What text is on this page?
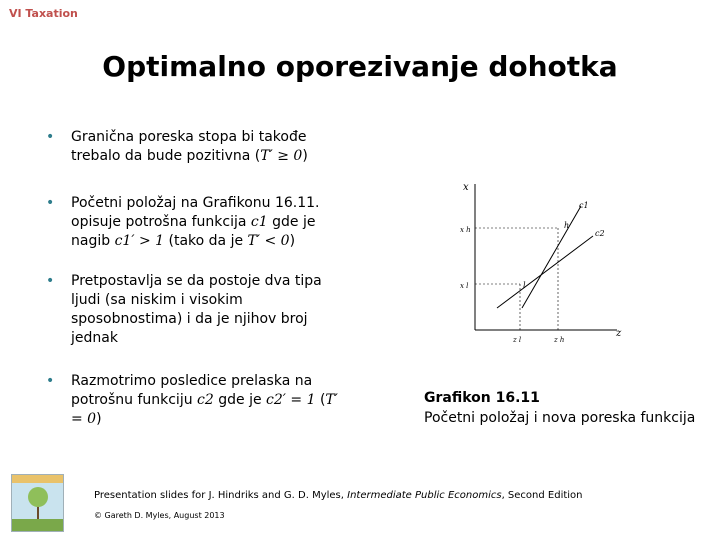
VI Taxation
Optimalno oporezivanje dohotka
• Granična poreska stopa bi takođe trebalo da bude pozitivna (T′ ≥ 0)
• Početni položaj na Grafikonu 16.11. opisuje potrošna funkcija c1 gde je nagib c1′ > 1 (tako da je T′ < 0)
• Pretpostavlja se da postoje dva tipa ljudi (sa niskim i visokim sposobnostima) i da je njihov broj jednak
• Razmotrimo posledice prelaska na potrošnu funkciju c2 gde je c2′ = 1 (T′ = 0)
x
z
c1
c2
h
l
x h
x l
z l	z h
Grafikon 16.11
Početni položaj i nova poreska funkcija
Presentation slides for J. Hindriks and G. D. Myles, Intermediate Public Economics, Second Edition
© Gareth D. Myles, August 2013
